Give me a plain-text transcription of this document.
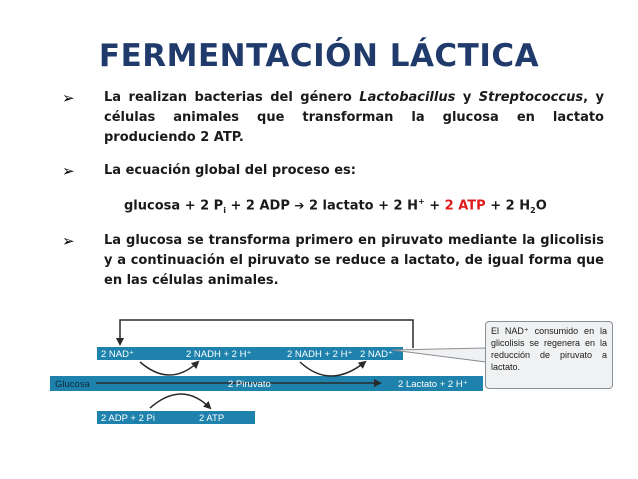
FERMENTACIÓN LÁCTICA
➢ La realizan bacterias del género Lactobacillus y Streptococcus, y células animales que transforman la glucosa en lactato produciendo 2 ATP.
➢ La ecuación global del proceso es:
glucosa + 2 $P_i + 2$ ADP ➔ 2 lactato + 2 H+ + 2 ATP + 2 $H_2O$
➢ La glucosa se transforma primero en piruvato mediante la glicolisis y a continuación el piruvato se reduce a lactato, de igual forma que en las células animales.
2 NAD⁺	2 NADH + 2 H⁺	2 NADH + 2 H⁺ 2 NAD⁺
Glucosa	2 Piruvato	2 Lactato + 2 H⁺
2 ADP + 2 Pi	2 ATP
El NAD⁺ consumido en la glicolisis se regenera en la reducción de piruvato a lactato.
